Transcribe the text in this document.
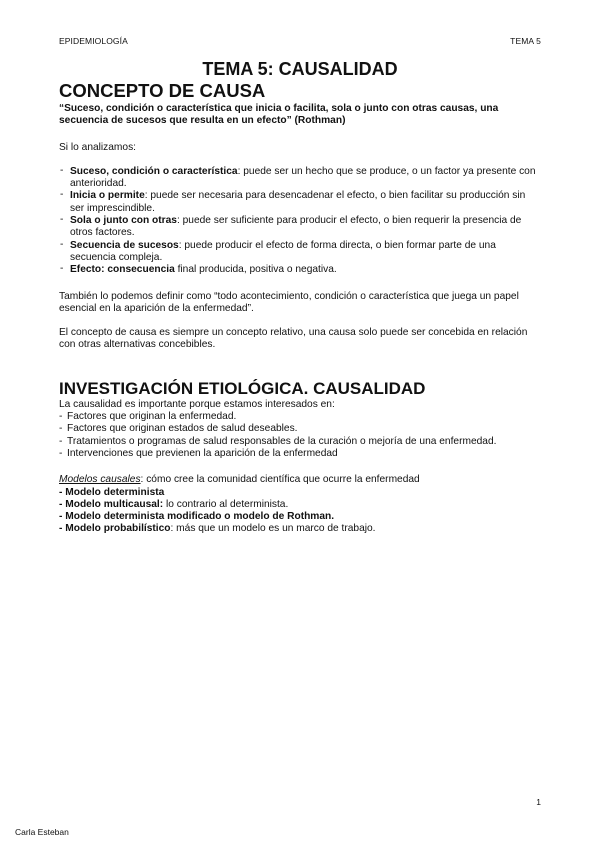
EPIDEMIOLOGÍA	TEMA 5
TEMA 5: CAUSALIDAD
CONCEPTO DE CAUSA

“Suceso, condición o característica que inicia o facilita, sola o junto con otras causas, una secuencia de sucesos que resulta en un efecto” (Rothman)

Si lo analizamos:

- Suceso, condición o característica: puede ser un hecho que se produce, o un factor ya presente con anterioridad.
- Inicia o permite: puede ser necesaria para desencadenar el efecto, o bien facilitar su producción sin ser imprescindible.
- Sola o junto con otras: puede ser suficiente para producir el efecto, o bien requerir la presencia de otros factores.
- Secuencia de sucesos: puede producir el efecto de forma directa, o bien formar parte de una secuencia compleja.
- Efecto: consecuencia final producida, positiva o negativa.

También lo podemos definir como “todo acontecimiento, condición o característica que juega un papel esencial en la aparición de la enfermedad”.

El concepto de causa es siempre un concepto relativo, una causa solo puede ser concebida en relación con otras alternativas concebibles.

INVESTIGACIÓN ETIOLÓGICA. CAUSALIDAD

La causalidad es importante porque estamos interesados en:

- Factores que originan la enfermedad.
- Factores que originan estados de salud deseables.
- Tratamientos o programas de salud responsables de la curación o mejoría de una enfermedad.
- Intervenciones que previenen la aparición de la enfermedad

Modelos causales: cómo cree la comunidad científica que ocurre la enfermedad

- Modelo determinista

- Modelo multicausal: lo contrario al determinista.

- Modelo determinista modificado o modelo de Rothman.

- Modelo probabilístico: más que un modelo es un marco de trabajo.

1
Carla Esteban
